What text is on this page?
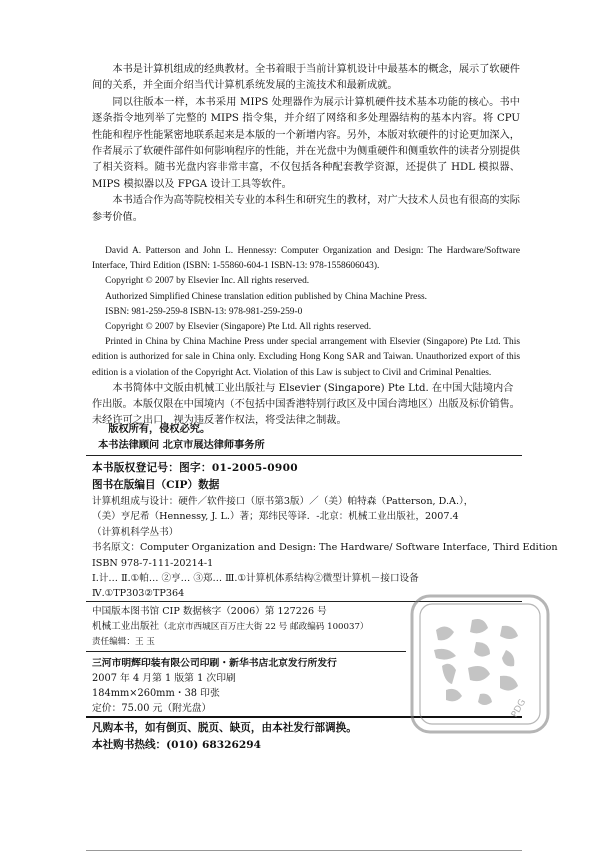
本书是计算机组成的经典教材。全书着眼于当前计算机设计中最基本的概念，展示了软硬件间的关系，并全面介绍当代计算机系统发展的主流技术和最新成就。

同以往版本一样，本书采用 MIPS 处理器作为展示计算机硬件技术基本功能的核心。书中逐条指令地列举了完整的 MIPS 指令集，并介绍了网络和多处理器结构的基本内容。将 CPU 性能和程序性能紧密地联系起来是本版的一个新增内容。另外，本版对软硬件的讨论更加深入，作者展示了软硬件部件如何影响程序的性能，并在光盘中为侧重硬件和侧重软件的读者分别提供了相关资料。随书光盘内容非常丰富，不仅包括各种配套教学资源，还提供了 HDL 模拟器、MIPS 模拟器以及 FPGA 设计工具等软件。

本书适合作为高等院校相关专业的本科生和研究生的教材，对广大技术人员也有很高的实际参考价值。

David A. Patterson and John L. Hennessy: Computer Organization and Design: The Hardware/Software Interface, Third Edition (ISBN: 1-55860-604-1 ISBN-13: 978-1558606043).

Copyright © 2007 by Elsevier Inc. All rights reserved.

Authorized Simplified Chinese translation edition published by China Machine Press.

ISBN: 981-259-259-8 ISBN-13: 978-981-259-259-0

Copyright © 2007 by Elsevier (Singapore) Pte Ltd. All rights reserved.

Printed in China by China Machine Press under special arrangement with Elsevier (Singapore) Pte Ltd. This edition is authorized for sale in China only. Excluding Hong Kong SAR and Taiwan. Unauthorized export of this edition is a violation of the Copyright Act. Violation of this Law is subject to Civil and Criminal Penalties.

本书简体中文版由机械工业出版社与 Elsevier (Singapore) Pte Ltd. 在中国大陆境内合作出版。本版仅限在中国境内（不包括中国香港特别行政区及中国台湾地区）出版及标价销售。未经许可之出口，视为违反著作权法，将受法律之制裁。

版权所有，侵权必究。
本书法律顾问 北京市展达律师事务所
本书版权登记号：图字：01-2005-0900
图书在版编目（CIP）数据
计算机组成与设计：硬件／软件接口（原书第3版）／（美）帕特森（Patterson, D.A.），
（美）亨尼希（Hennessy, J. L.）著；郑纬民等译．-北京：机械工业出版社，2007.4
（计算机科学丛书）
书名原文：Computer Organization and Design: The Hardware/ Software Interface, Third Edition
ISBN 978-7-111-20214-1
Ⅰ.计… Ⅱ.①帕… ②亨… ③郑… Ⅲ.①计算机体系结构②微型计算机－接口设备
Ⅳ.①TP303②TP364
中国版本图书馆 CIP 数据核字（2006）第 127226 号
机械工业出版社（北京市西城区百万庄大街 22 号 邮政编码 100037）
责任编辑：王 玉
三河市明辉印装有限公司印刷・新华书店北京发行所发行
2007 年 4 月第 1 版第 1 次印刷
184mm×260mm・38 印张
定价：75.00 元（附光盘）
凡购本书，如有倒页、脱页、缺页，由本社发行部调换。
本社购书热线：(010) 68326294
PDG
